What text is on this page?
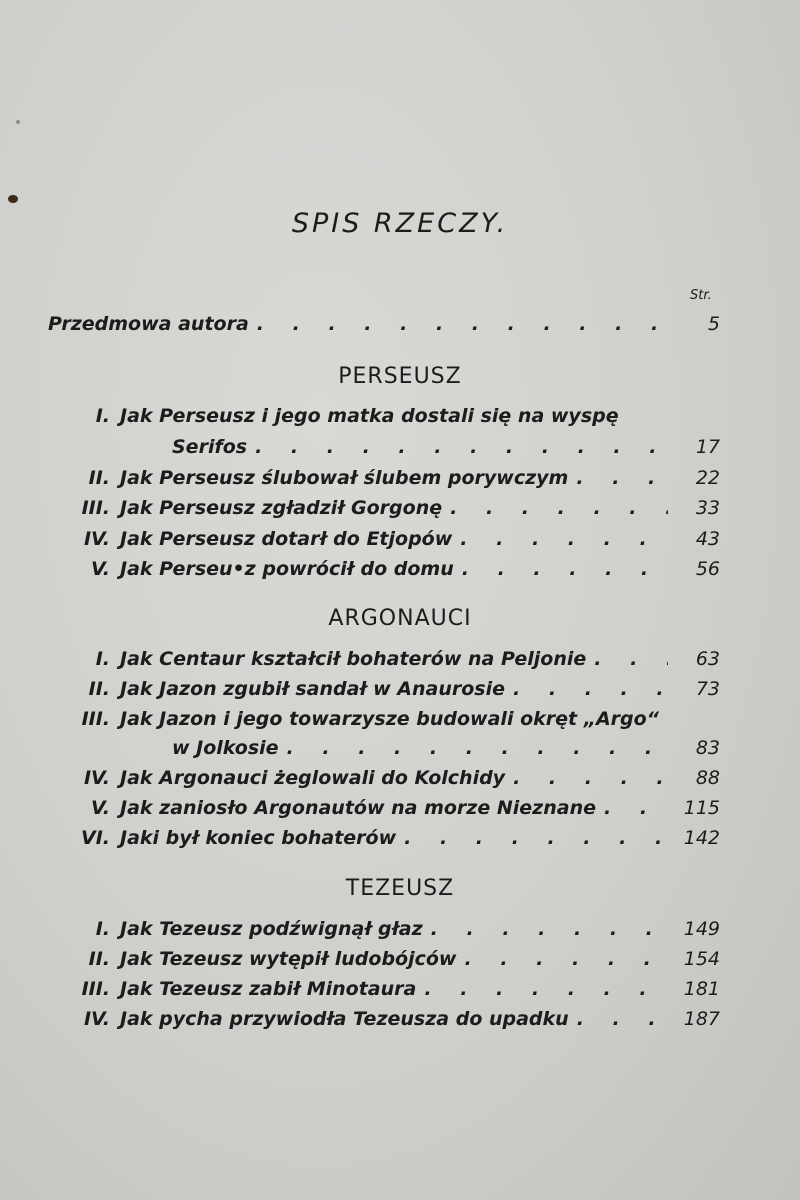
SPIS RZECZY.
Str.
Przedmowa autora . . .	5
PERSEUSZ
I. Jak Perseusz i jego matka dostali się na wyspę
Serifos . . .	17
II. Jak Perseusz ślubował ślubem porywczym . . .	22
III. Jak Perseusz zgładził Gorgonę . . .	33
IV. Jak Perseusz dotarł do Etjopów . . .	43
V. Jak Perseu•z powrócił do domu . . .	56
ARGONAUCI
I. Jak Centaur kształcił bohaterów na Peljonie . . .	63
II. Jak Jazon zgubił sandał w Anaurosie . . .	73
III. Jak Jazon i jego towarzysze budowali okręt „Argo“
w Jolkosie . . .	83
IV. Jak Argonauci żeglowali do Kolchidy . . .	88
V. Jak zaniosło Argonautów na morze Nieznane . . .	115
VI. Jaki był koniec bohaterów . . .	142
TEZEUSZ
I. Jak Tezeusz podźwignął głaz . . .	149
II. Jak Tezeusz wytępił ludobójców . . .	154
III. Jak Tezeusz zabił Minotaura . . .	181
IV. Jak pycha przywiodła Tezeusza do upadku . . .	187
